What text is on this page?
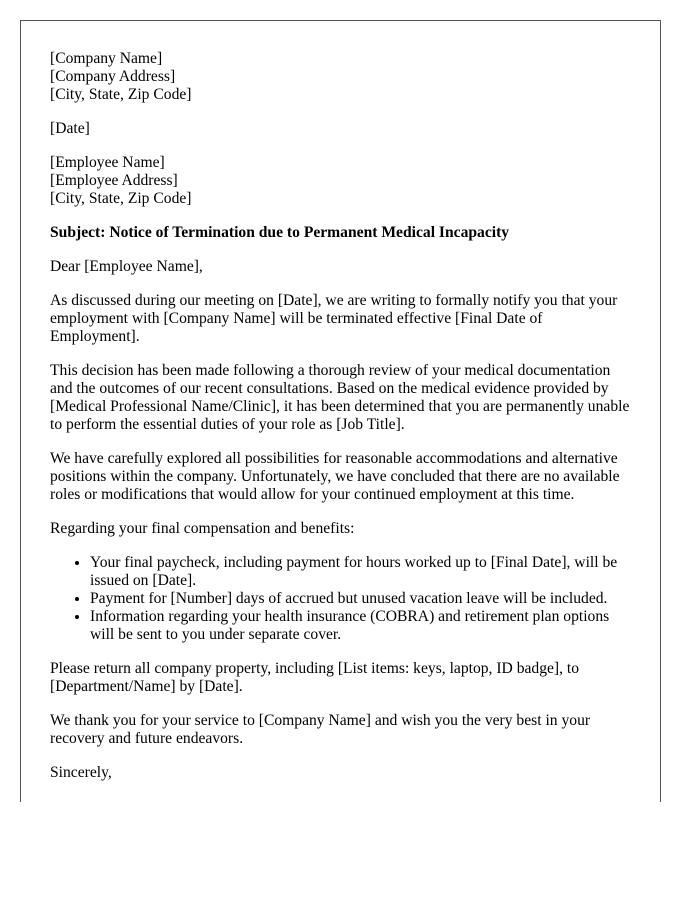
[Company Name]

[Company Address]

[City, State, Zip Code]

[Date]

[Employee Name]

[Employee Address]

[City, State, Zip Code]

Subject: Notice of Termination due to Permanent Medical Incapacity

Dear [Employee Name],

As discussed during our meeting on [Date], we are writing to formally notify you that your employment with [Company Name] will be terminated effective [Final Date of Employment].

This decision has been made following a thorough review of your medical documentation and the outcomes of our recent consultations. Based on the medical evidence provided by [Medical Professional Name/Clinic], it has been determined that you are permanently unable to perform the essential duties of your role as [Job Title].

We have carefully explored all possibilities for reasonable accommodations and alternative positions within the company. Unfortunately, we have concluded that there are no available roles or modifications that would allow for your continued employment at this time.

Regarding your final compensation and benefits:

• Your final paycheck, including payment for hours worked up to [Final Date], will be issued on [Date].
• Payment for [Number] days of accrued but unused vacation leave will be included.
• Information regarding your health insurance (COBRA) and retirement plan options will be sent to you under separate cover.

Please return all company property, including [List items: keys, laptop, ID badge], to [Department/Name] by [Date].

We thank you for your service to [Company Name] and wish you the very best in your recovery and future endeavors.

Sincerely,
